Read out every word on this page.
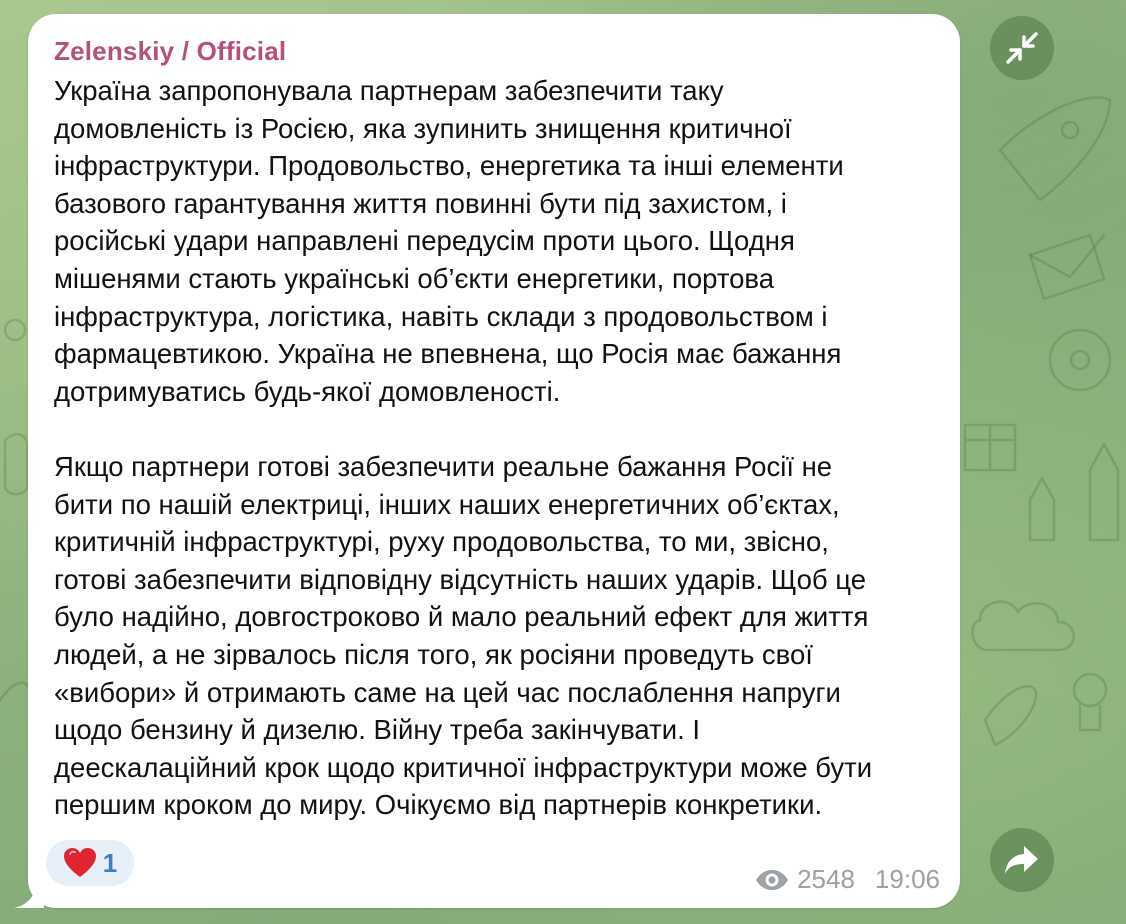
Zelenskiy / Official

Україна запропонувала партнерам забезпечити таку
домовленість із Росією, яка зупинить знищення критичної
інфраструктури. Продовольство, енергетика та інші елементи
базового гарантування життя повинні бути під захистом, і
російські удари направлені передусім проти цього. Щодня
мішенями стають українські об’єкти енергетики, портова
інфраструктура, логістика, навіть склади з продовольством і
фармацевтикою. Україна не впевнена, що Росія має бажання
дотримуватись будь-якої домовленості.

Якщо партнери готові забезпечити реальне бажання Росії не
бити по нашій електриці, інших наших енергетичних об’єктах,
критичній інфраструктурі, руху продовольства, то ми, звісно,
готові забезпечити відповідну відсутність наших ударів. Щоб це
було надійно, довгостроково й мало реальний ефект для життя
людей, а не зірвалось після того, як росіяни проведуть свої
«вибори» й отримають саме на цей час послаблення напруги
щодо бензину й дизелю. Війну треба закінчувати. І
деескалаційний крок щодо критичної інфраструктури може бути
першим кроком до миру. Очікуємо від партнерів конкретики.

1
2548 19:06
